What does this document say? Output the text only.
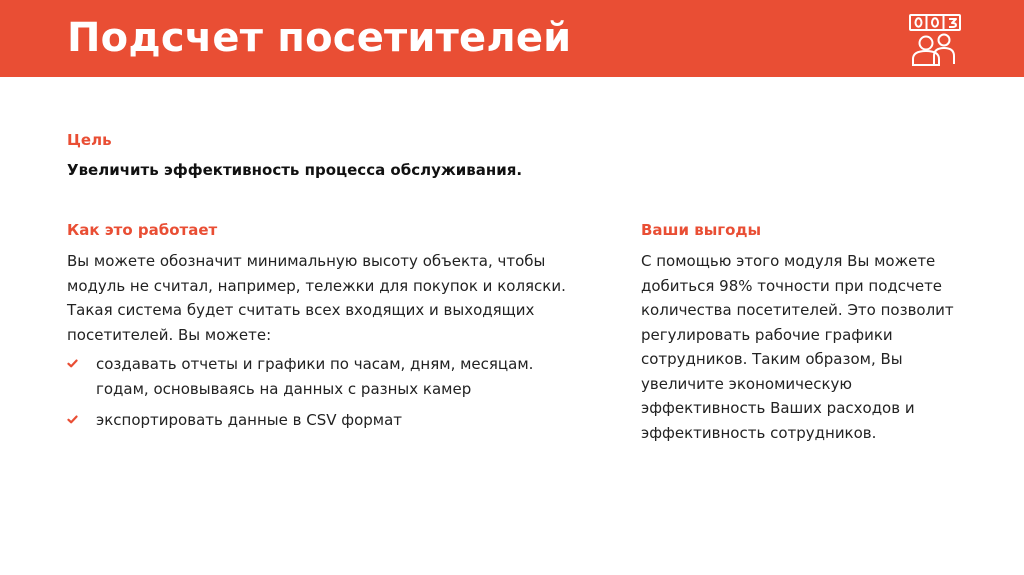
Подсчет посетителей

Цель

Увеличить эффективность процесса обслуживания.

Как это работает

Вы можете обозначит минимальную высоту объекта, чтобы модуль не считал, например, тележки для покупок и коляски. Такая система будет считать всех входящих и выходящих посетителей. Вы можете:

создавать отчеты и графики по часам, дням, месяцам. годам, основываясь на данных с разных камер
экспортировать данные в CSV формат

Ваши выгоды

С помощью этого модуля Вы можете добиться 98% точности при подсчете количества посетителей. Это позволит регулировать рабочие графики сотрудников. Таким образом, Вы увеличите экономическую эффективность Ваших расходов и эффективность сотрудников.
